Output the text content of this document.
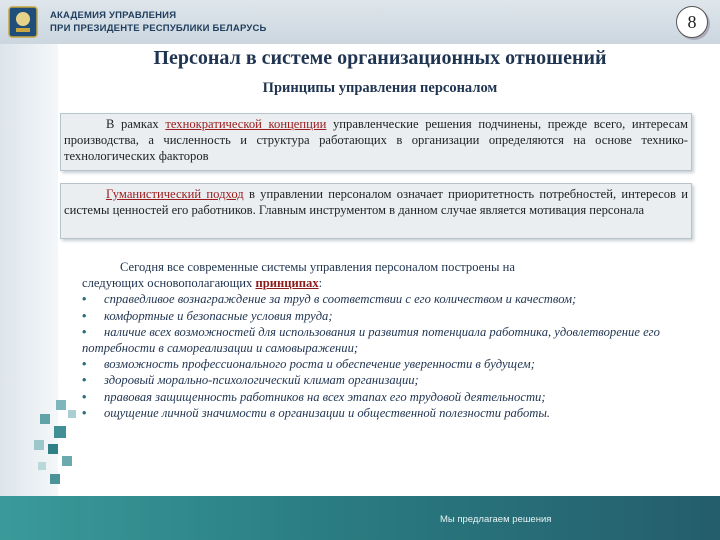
АКАДЕМИЯ УПРАВЛЕНИЯ
ПРИ ПРЕЗИДЕНТЕ РЕСПУБЛИКИ БЕЛАРУСЬ	8
Персонал в системе организационных отношений
Принципы управления персоналом
В рамках технократической концепции управленческие решения подчинены, прежде всего, интересам производства, а численность и структура работающих в организации определяются на основе технико-технологических факторов
Гуманистический подход в управлении персоналом означает приоритетность потребностей, интересов и системы ценностей его работников. Главным инструментом в данном случае является мотивация персонала
Сегодня все современные системы управления персоналом построены на
следующих основополагающих принципах:
• справедливое вознаграждение за труд в соответствии с его количеством и качеством;
• комфортные и безопасные условия труда;
• наличие всех возможностей для использования и развития потенциала работника, удовлетворение его потребности в самореализации и самовыражении;
• возможность профессионального роста и обеспечение уверенности в будущем;
• здоровый морально-психологический климат организации;
• правовая защищенность работников на всех этапах его трудовой деятельности;
• ощущение личной значимости в организации и общественной полезности работы.
Мы предлагаем решения
